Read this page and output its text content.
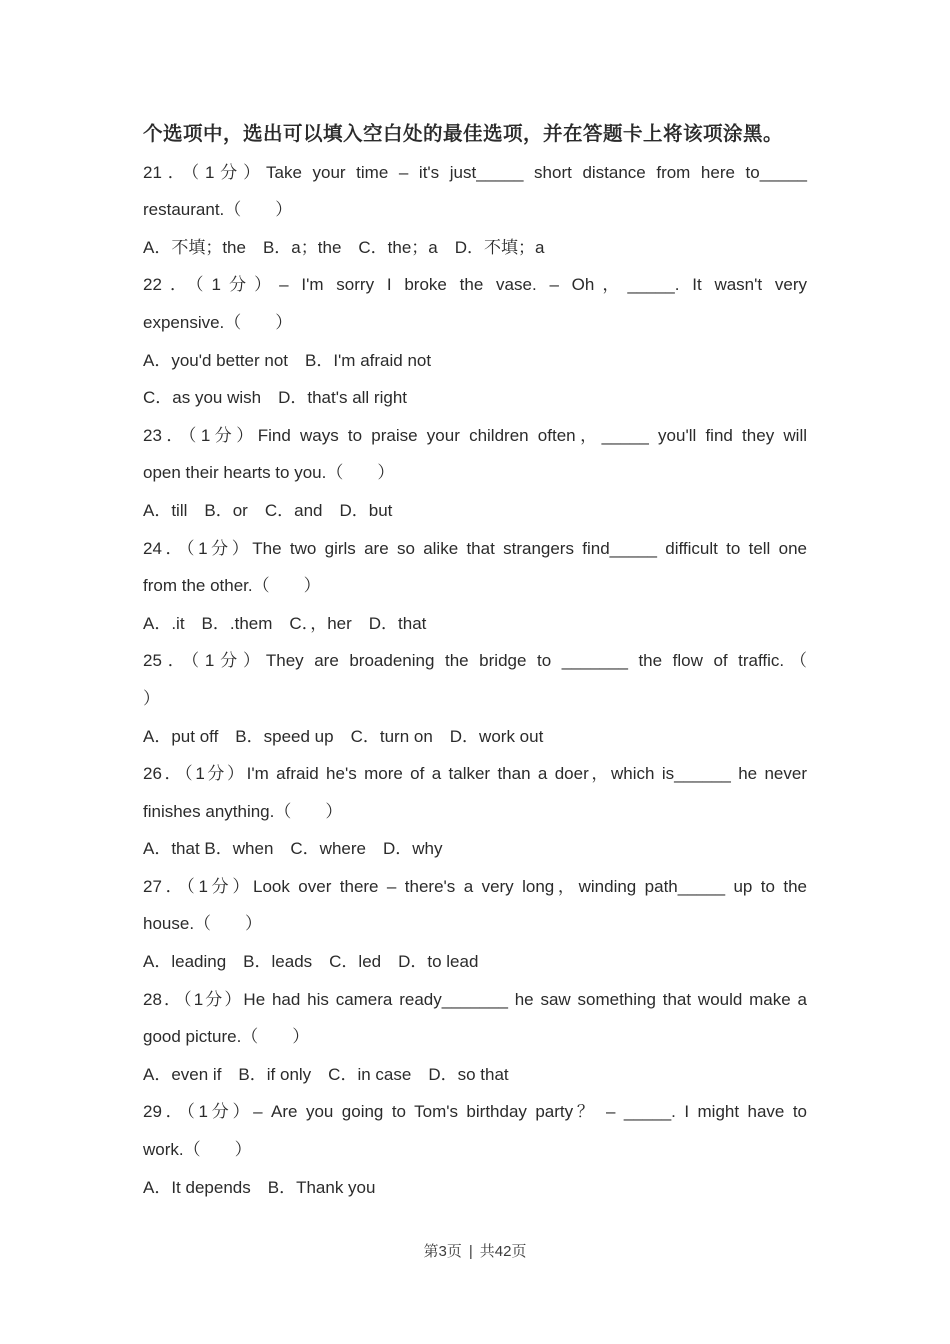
个选项中，选出可以填入空白处的最佳选项，并在答题卡上将该项涂黑。
21．（1分）Take your time – it's just_____ short distance from here to_____
restaurant.（　　）
A．不填；the　B．a；the　C．the；a　D．不填；a
22．（1分）– I'm sorry I broke the vase. – Oh，_____. It wasn't very
expensive.（　　）
A．you'd better not　B．I'm afraid not
C．as you wish　D．that's all right
23．（1分）Find ways to praise your children often，_____ you'll find they will
open their hearts to you.（　　）
A．till　B．or　C．and　D．but
24．（1分）The two girls are so alike that strangers find_____ difficult to tell one
from the other.（　　）
A．.it　B．.them　C．，her　D．that
25．（1分）They are broadening the bridge to _______ the flow of traffic.（
）
A．put off　B．speed up　C．turn on　D．work out
26．（1分）I'm afraid he's more of a talker than a doer，which is______ he never
finishes anything.（　　）
A．that B．when　C．where　D．why
27．（1分）Look over there – there's a very long，winding path_____ up to the
house.（　　）
A．leading　B．leads　C．led　D．to lead
28．（1分）He had his camera ready_______ he saw something that would make a
good picture.（　　）
A．even if　B．if only　C．in case　D．so that
29．（1分）– Are you going to Tom's birthday party？ – _____. I might have to
work.（　　）
A．It depends　B．Thank you
第3页 | 共42页
